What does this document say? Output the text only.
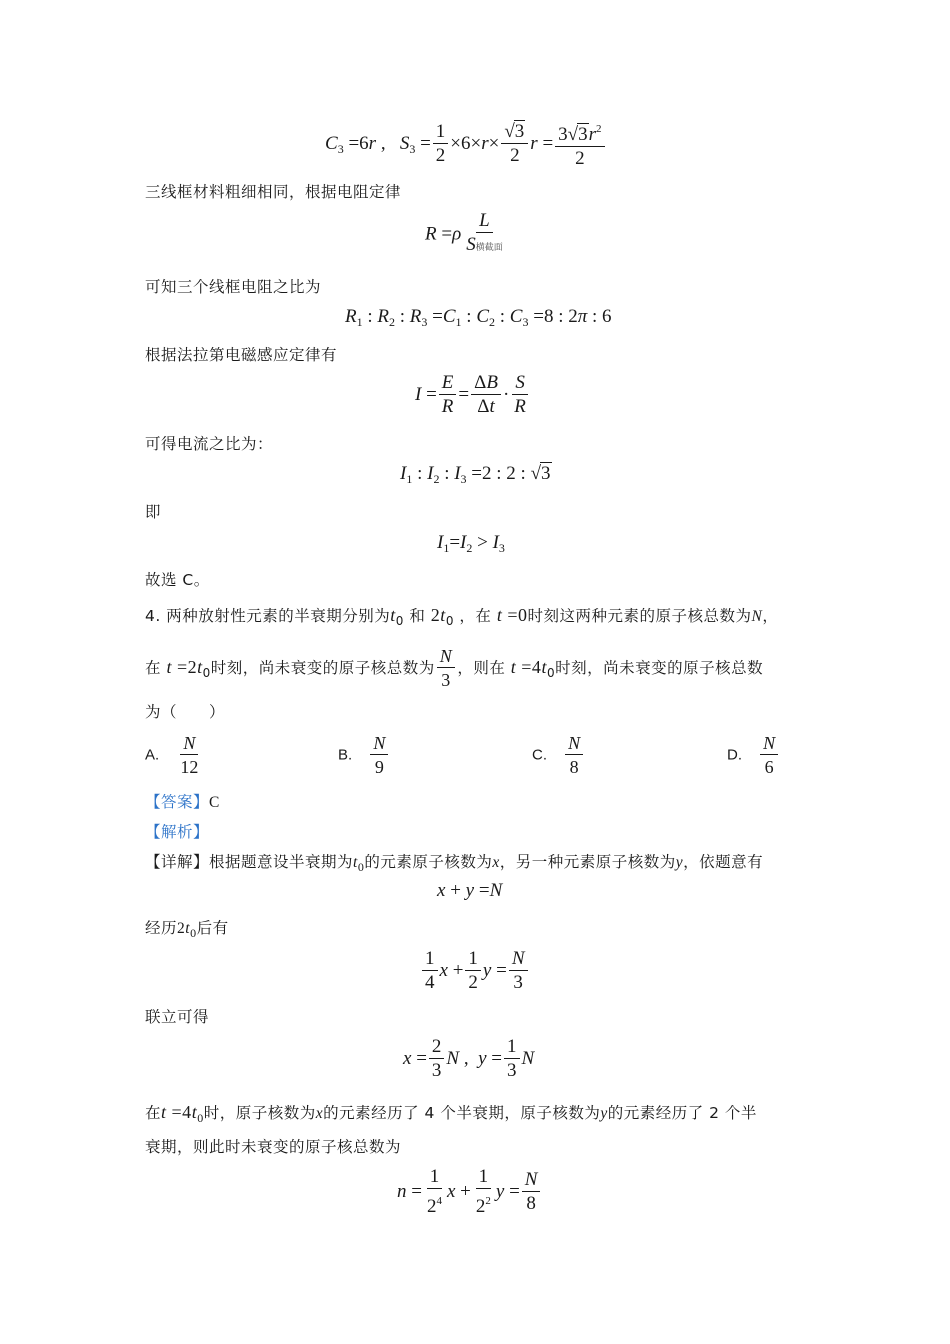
$C_3 =6r$ ,   $S_3 = \frac{1}{2} \times 6\times r\times \frac{√3}{2}$ $r = \frac{3√3r^2}{2}$
三线框材料粗细相同，根据电阻定律
$R =\rho \frac{L}{\text{S横截面}}$
可知三个线框电阻之比为
$R_1$ : $R_2$ : $R_3 =C_1$ : $C_2$ : $C_3 =8$ : 2π : 6
根据法拉第电磁感应定律有
$I = \frac{E}{R} = \frac{\Delta B}{\Delta t} \cdot \frac{S}{R}$
可得电流之比为：
$I_1$ : $I_2$ : $I_3 =2$ : 2 : √3
即
$I_1=I_2 > I_3$
故选 C。
4. 两种放射性元素的半衰期分别为$t_0$ 和 $2t_0$ ，在 t =0时刻这两种元素的原子核总数为N，
在 $t =2t_0$时刻，尚未衰变的原子核总数为 $\frac{N}{3}$ ，则在 $t =4t_0$时刻，尚未衰变的原子核总数
为（　　）
A. $\frac{N}{12}$	B. $\frac{N}{9}$	C. $\frac{N}{8}$	D. $\frac{N}{6}$
【答案】C
【解析】
【详解】根据题意设半衰期为$t_0$的元素原子核数为x，另一种元素原子核数为y，依题意有
x + y =N
经历$2t_0$后有
$\frac{1}{4}$ $x + \frac{1}{2}$ $y = \frac{N}{3}$
联立可得
$x = \frac{2}{3}$ N ,  $y = \frac{1}{3}$ N
在$t =4t_0$时，原子核数为x的元素经历了 4 个半衰期，原子核数为y的元素经历了 2 个半
衰期，则此时未衰变的原子核总数为
$n = \frac{1}{2^4}$ $x + \frac{1}{2^2}$ $y = \frac{N}{8}$
